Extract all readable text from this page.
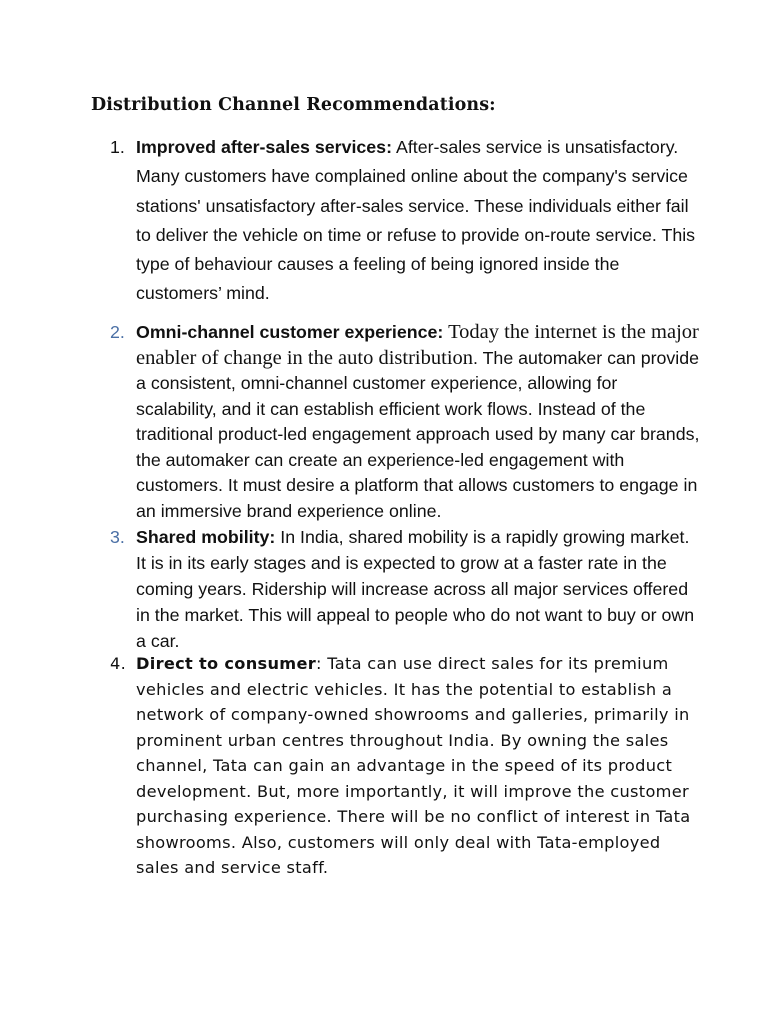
Distribution Channel Recommendations:
1. Improved after-sales services: After-sales service is unsatisfactory. Many customers have complained online about the company's service stations' unsatisfactory after-sales service. These individuals either fail to deliver the vehicle on time or refuse to provide on-route service. This type of behaviour causes a feeling of being ignored inside the customers’ mind.
2. Omni-channel customer experience: Today the internet is the major enabler of change in the auto distribution. The automaker can provide a consistent, omni-channel customer experience, allowing for scalability, and it can establish efficient work flows. Instead of the traditional product-led engagement approach used by many car brands, the automaker can create an experience-led engagement with customers. It must desire a platform that allows customers to engage in an immersive brand experience online.
3. Shared mobility: In India, shared mobility is a rapidly growing market. It is in its early stages and is expected to grow at a faster rate in the coming years. Ridership will increase across all major services offered in the market. This will appeal to people who do not want to buy or own a car.
4. Direct to consumer: Tata can use direct sales for its premium vehicles and electric vehicles. It has the potential to establish a network of company-owned showrooms and galleries, primarily in prominent urban centres throughout India. By owning the sales channel, Tata can gain an advantage in the speed of its product development. But, more importantly, it will improve the customer purchasing experience. There will be no conflict of interest in Tata showrooms. Also, customers will only deal with Tata-employed sales and service staff.
